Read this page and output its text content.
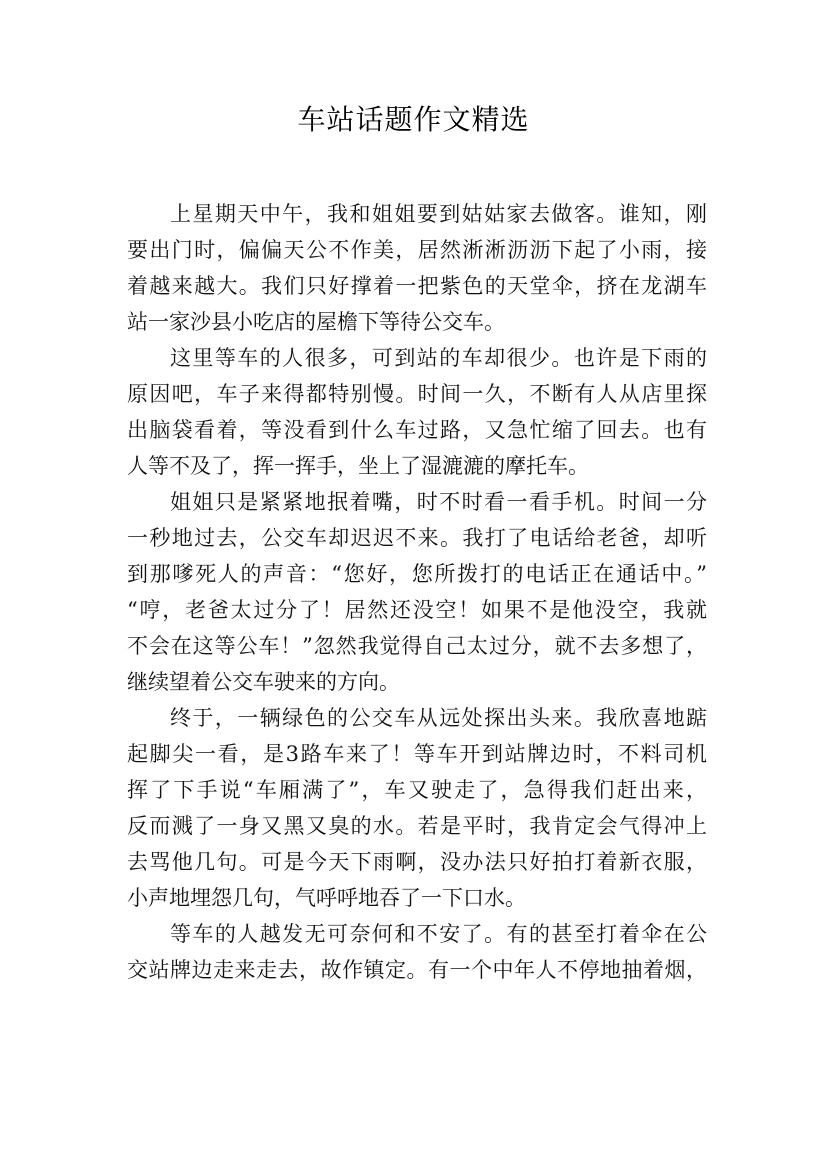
车站话题作文精选
上星期天中午，我和姐姐要到姑姑家去做客。谁知，刚
要出门时，偏偏天公不作美，居然淅淅沥沥下起了小雨，接
着越来越大。我们只好撑着一把紫色的天堂伞，挤在龙湖车
站一家沙县小吃店的屋檐下等待公交车。
这里等车的人很多，可到站的车却很少。也许是下雨的
原因吧，车子来得都特别慢。时间一久，不断有人从店里探
出脑袋看着，等没看到什么车过路，又急忙缩了回去。也有
人等不及了，挥一挥手，坐上了湿漉漉的摩托车。
姐姐只是紧紧地抿着嘴，时不时看一看手机。时间一分
一秒地过去，公交车却迟迟不来。我打了电话给老爸，却听
到那嗲死人的声音：“您好，您所拨打的电话正在通话中。”
“哼，老爸太过分了！居然还没空！如果不是他没空，我就
不会在这等公车！”忽然我觉得自己太过分，就不去多想了，
继续望着公交车驶来的方向。
终于，一辆绿色的公交车从远处探出头来。我欣喜地踮
起脚尖一看，是3路车来了！等车开到站牌边时，不料司机
挥了下手说“车厢满了”，车又驶走了，急得我们赶出来，
反而溅了一身又黑又臭的水。若是平时，我肯定会气得冲上
去骂他几句。可是今天下雨啊，没办法只好拍打着新衣服，
小声地埋怨几句，气呼呼地吞了一下口水。
等车的人越发无可奈何和不安了。有的甚至打着伞在公
交站牌边走来走去，故作镇定。有一个中年人不停地抽着烟，
